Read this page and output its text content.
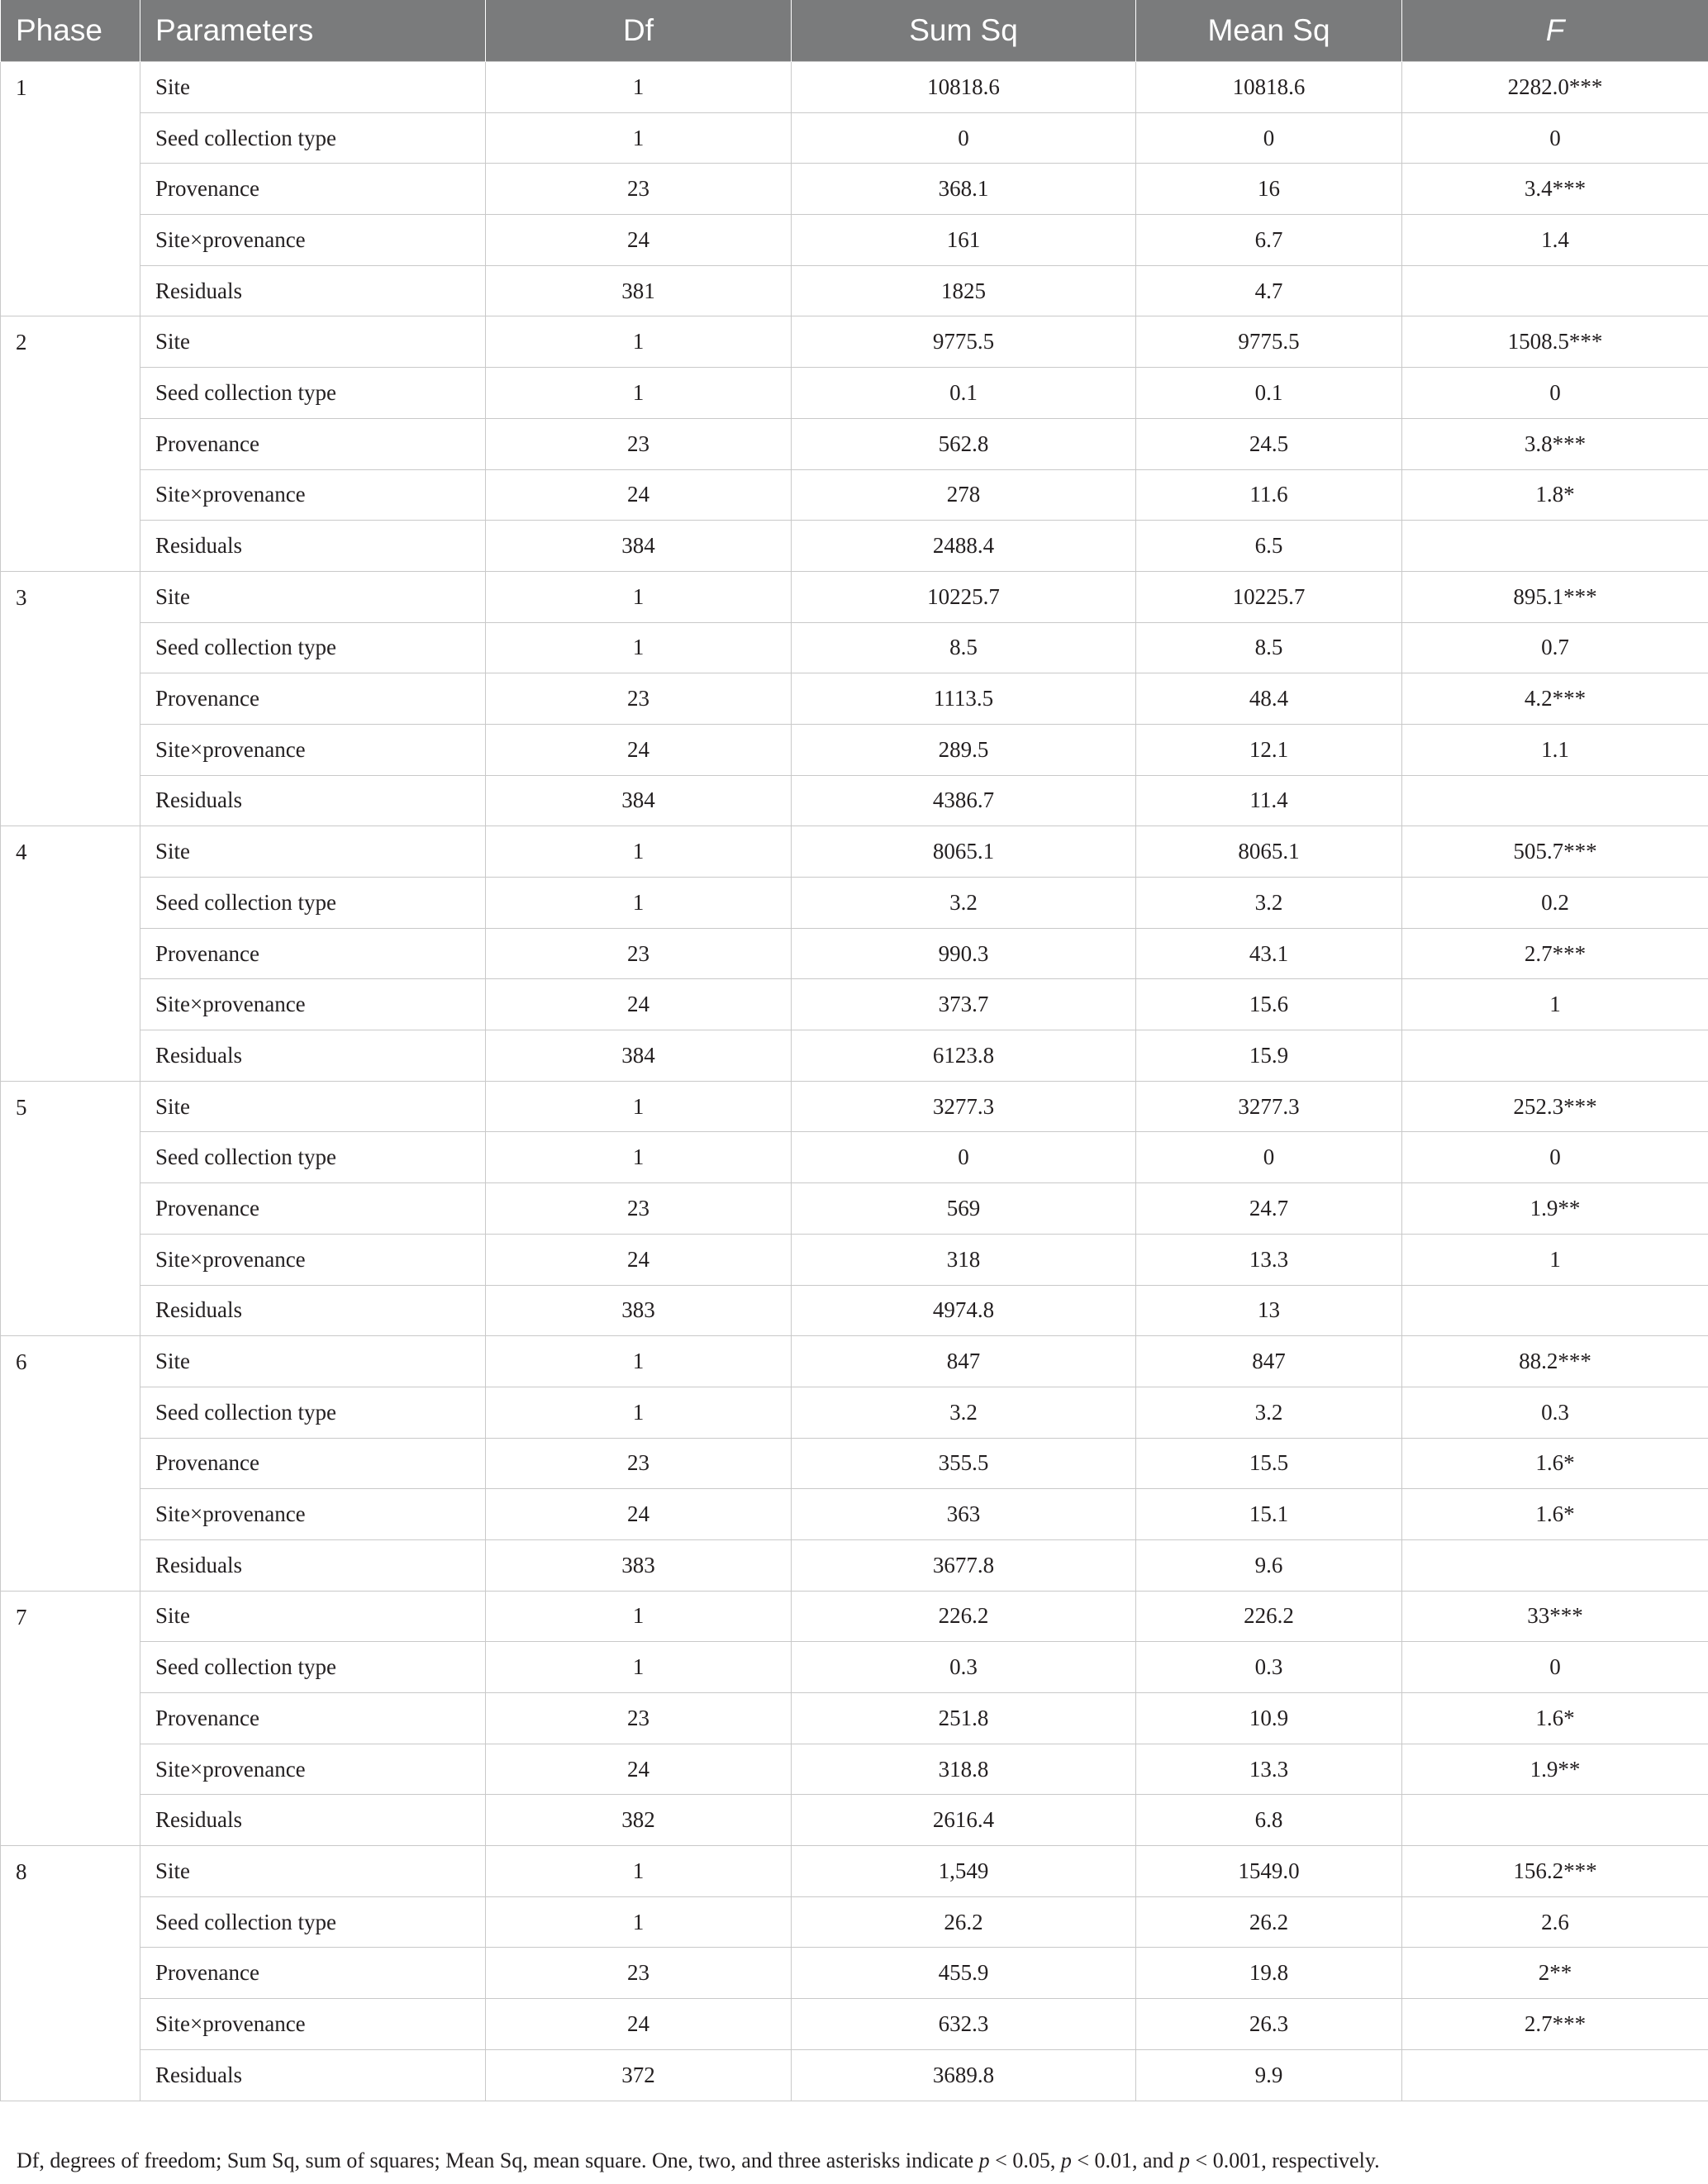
Phase	Parameters	Df	Sum Sq	Mean Sq	F
1	Site	1	10818.6	10818.6	2282.0***
	Seed collection type	1	0	0	0
	Provenance	23	368.1	16	3.4***
	Site×provenance	24	161	6.7	1.4
	Residuals	381	1825	4.7	
2	Site	1	9775.5	9775.5	1508.5***
	Seed collection type	1	0.1	0.1	0
	Provenance	23	562.8	24.5	3.8***
	Site×provenance	24	278	11.6	1.8*
	Residuals	384	2488.4	6.5	
3	Site	1	10225.7	10225.7	895.1***
	Seed collection type	1	8.5	8.5	0.7
	Provenance	23	1113.5	48.4	4.2***
	Site×provenance	24	289.5	12.1	1.1
	Residuals	384	4386.7	11.4	
4	Site	1	8065.1	8065.1	505.7***
	Seed collection type	1	3.2	3.2	0.2
	Provenance	23	990.3	43.1	2.7***
	Site×provenance	24	373.7	15.6	1
	Residuals	384	6123.8	15.9	
5	Site	1	3277.3	3277.3	252.3***
	Seed collection type	1	0	0	0
	Provenance	23	569	24.7	1.9**
	Site×provenance	24	318	13.3	1
	Residuals	383	4974.8	13	
6	Site	1	847	847	88.2***
	Seed collection type	1	3.2	3.2	0.3
	Provenance	23	355.5	15.5	1.6*
	Site×provenance	24	363	15.1	1.6*
	Residuals	383	3677.8	9.6	
7	Site	1	226.2	226.2	33***
	Seed collection type	1	0.3	0.3	0
	Provenance	23	251.8	10.9	1.6*
	Site×provenance	24	318.8	13.3	1.9**
	Residuals	382	2616.4	6.8	
8	Site	1	1,549	1549.0	156.2***
	Seed collection type	1	26.2	26.2	2.6
	Provenance	23	455.9	19.8	2**
	Site×provenance	24	632.3	26.3	2.7***
	Residuals	372	3689.8	9.9	
Df, degrees of freedom; Sum Sq, sum of squares; Mean Sq, mean square. One, two, and three asterisks indicate p < 0.05, p < 0.01, and p < 0.001, respectively.
